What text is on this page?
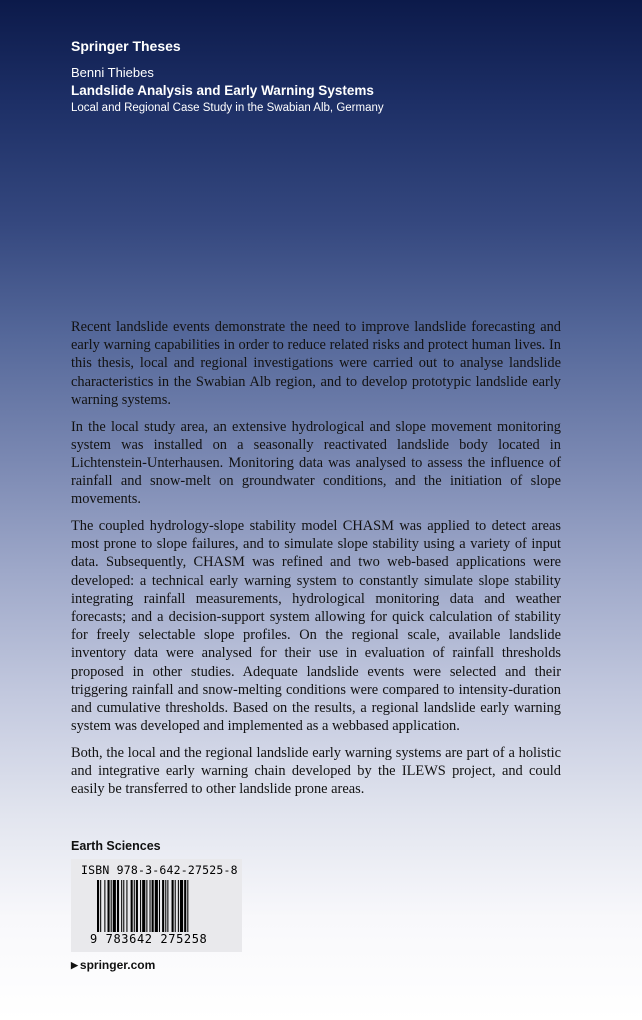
Springer Theses
Benni Thiebes
Landslide Analysis and Early Warning Systems
Local and Regional Case Study in the Swabian Alb, Germany

Recent landslide events demonstrate the need to improve landslide forecasting and early warning capabilities in order to reduce related risks and protect human lives. In this thesis, local and regional investigations were carried out to analyse landslide characteristics in the Swabian Alb region, and to develop prototypic landslide early warning systems.

In the local study area, an extensive hydrological and slope movement monitoring system was installed on a seasonally reactivated landslide body located in Lichtenstein-Unterhausen. Monitoring data was analysed to assess the influence of rainfall and snow-melt on groundwater conditions, and the initiation of slope movements.

The coupled hydrology-slope stability model CHASM was applied to detect areas most prone to slope failures, and to simulate slope stability using a variety of input data. Subsequently, CHASM was refined and two web-based applications were developed: a technical early warning system to constantly simulate slope stability integrating rainfall measurements, hydrological monitoring data and weather forecasts; and a decision-support system allowing for quick calculation of stability for freely selectable slope profiles. On the regional scale, available landslide inventory data were analysed for their use in evaluation of rainfall thresholds proposed in other studies. Adequate landslide events were selected and their triggering rainfall and snow-melting conditions were compared to intensity-duration and cumulative thresholds. Based on the results, a regional landslide early warning system was developed and implemented as a webbased application.

Both, the local and the regional landslide early warning systems are part of a holistic and integrative early warning chain developed by the ILEWS project, and could easily be transferred to other landslide prone areas.

Earth Sciences
ISBN 978-3-642-27525-8
9 783642 275258
▶ springer.com
